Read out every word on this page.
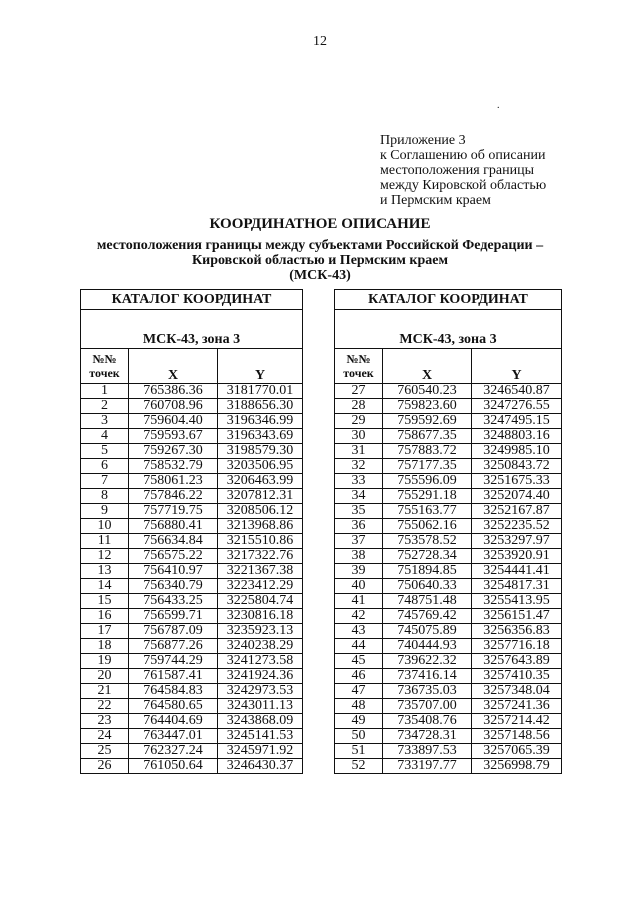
12
.
Приложение 3
к Соглашению об описании
местоположения границы
между Кировской областью
и Пермским краем
КООРДИНАТНОЕ ОПИСАНИЕ
местоположения границы между субъектами Российской Федерации –
Кировской областью и Пермским краем
(МСК-43)
КАТАЛОГ КООРДИНАТ		
МСК-43, зона 3		

№№
точек	X	Y
1	765386.36	3181770.01
2	760708.96	3188656.30
3	759604.40	3196346.99
4	759593.67	3196343.69
5	759267.30	3198579.30
6	758532.79	3203506.95
7	758061.23	3206463.99
8	757846.22	3207812.31
9	757719.75	3208506.12
10	756880.41	3213968.86
11	756634.84	3215510.86
12	756575.22	3217322.76
13	756410.97	3221367.38
14	756340.79	3223412.29
15	756433.25	3225804.74
16	756599.71	3230816.18
17	756787.09	3235923.13
18	756877.26	3240238.29
19	759744.29	3241273.58
20	761587.41	3241924.36
21	764584.83	3242973.53
22	764580.65	3243011.13
23	764404.69	3243868.09
24	763447.01	3245141.53
25	762327.24	3245971.92
26	761050.64	3246430.37
КАТАЛОГ КООРДИНАТ		
МСК-43, зона 3		

№№
точек	X	Y
27	760540.23	3246540.87
28	759823.60	3247276.55
29	759592.69	3247495.15
30	758677.35	3248803.16
31	757883.72	3249985.10
32	757177.35	3250843.72
33	755596.09	3251675.33
34	755291.18	3252074.40
35	755163.77	3252167.87
36	755062.16	3252235.52
37	753578.52	3253297.97
38	752728.34	3253920.91
39	751894.85	3254441.41
40	750640.33	3254817.31
41	748751.48	3255413.95
42	745769.42	3256151.47
43	745075.89	3256356.83
44	740444.93	3257716.18
45	739622.32	3257643.89
46	737416.14	3257410.35
47	736735.03	3257348.04
48	735707.00	3257241.36
49	735408.76	3257214.42
50	734728.31	3257148.56
51	733897.53	3257065.39
52	733197.77	3256998.79
